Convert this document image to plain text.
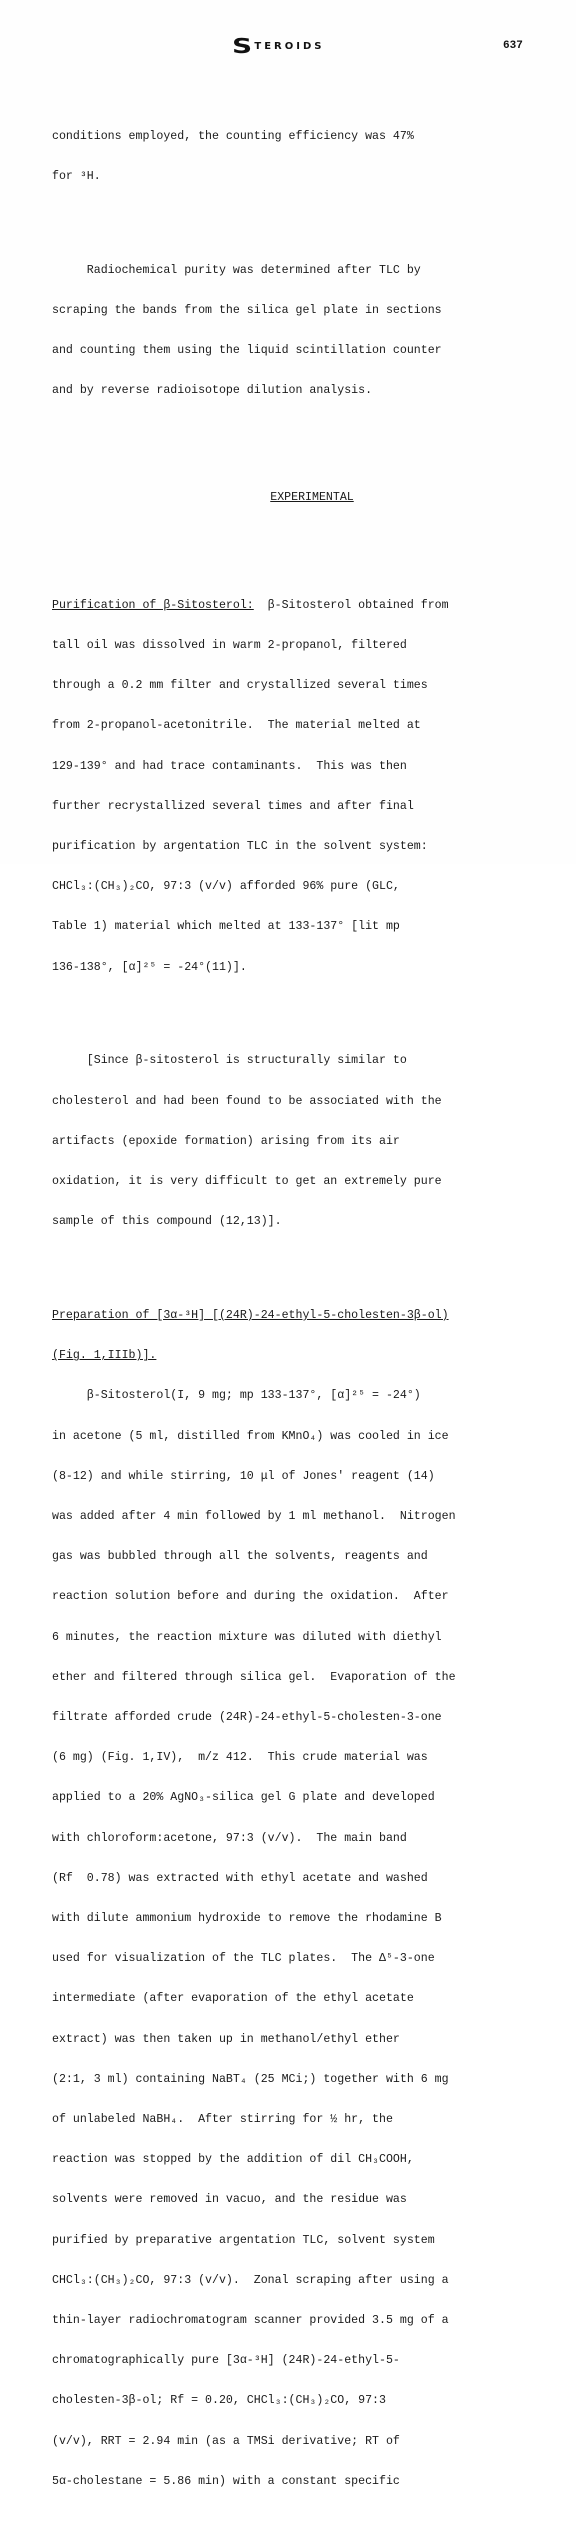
S TEROIDS	637

conditions employed, the counting efficiency was 47%

for ³H.

Radiochemical purity was determined after TLC by

scraping the bands from the silica gel plate in sections

and counting them using the liquid scintillation counter

and by reverse radioisotope dilution analysis.

EXPERIMENTAL

Purification of β-Sitosterol:  β-Sitosterol obtained from

tall oil was dissolved in warm 2-propanol, filtered

through a 0.2 mm filter and crystallized several times

from 2-propanol-acetonitrile.  The material melted at

129-139° and had trace contaminants.  This was then

further recrystallized several times and after final

purification by argentation TLC in the solvent system:

CHCl₃:(CH₃)₂CO, 97:3 (v/v) afforded 96% pure (GLC,

Table 1) material which melted at 133-137° [lit mp

136-138°, [α]²⁵ = -24°(11)].

[Since β-sitosterol is structurally similar to

cholesterol and had been found to be associated with the

artifacts (epoxide formation) arising from its air

oxidation, it is very difficult to get an extremely pure

sample of this compound (12,13)].

Preparation of [3α-³H] [(24R)-24-ethyl-5-cholesten-3β-ol)

(Fig. 1,IIIb)].

β-Sitosterol(I, 9 mg; mp 133-137°, [α]²⁵ = -24°)

in acetone (5 ml, distilled from KMnO₄) was cooled in ice

(8-12) and while stirring, 10 μl of Jones' reagent (14)

was added after 4 min followed by 1 ml methanol.  Nitrogen

gas was bubbled through all the solvents, reagents and

reaction solution before and during the oxidation.  After

6 minutes, the reaction mixture was diluted with diethyl

ether and filtered through silica gel.  Evaporation of the

filtrate afforded crude (24R)-24-ethyl-5-cholesten-3-one

(6 mg) (Fig. 1,IV),  m/z 412.  This crude material was

applied to a 20% AgNO₃-silica gel G plate and developed

with chloroform:acetone, 97:3 (v/v).  The main band

(Rf  0.78) was extracted with ethyl acetate and washed

with dilute ammonium hydroxide to remove the rhodamine B

used for visualization of the TLC plates.  The Δ⁵-3-one

intermediate (after evaporation of the ethyl acetate

extract) was then taken up in methanol/ethyl ether

(2:1, 3 ml) containing NaBT₄ (25 MCi;) together with 6 mg

of unlabeled NaBH₄.  After stirring for ½ hr, the

reaction was stopped by the addition of dil CH₃COOH,

solvents were removed in vacuo, and the residue was

purified by preparative argentation TLC, solvent system

CHCl₃:(CH₃)₂CO, 97:3 (v/v).  Zonal scraping after using a

thin-layer radiochromatogram scanner provided 3.5 mg of a

chromatographically pure [3α-³H] (24R)-24-ethyl-5-

cholesten-3β-ol; Rf = 0.20, CHCl₃:(CH₃)₂CO, 97:3

(v/v), RRT = 2.94 min (as a TMSi derivative; RT of

5α-cholestane = 5.86 min) with a constant specific
